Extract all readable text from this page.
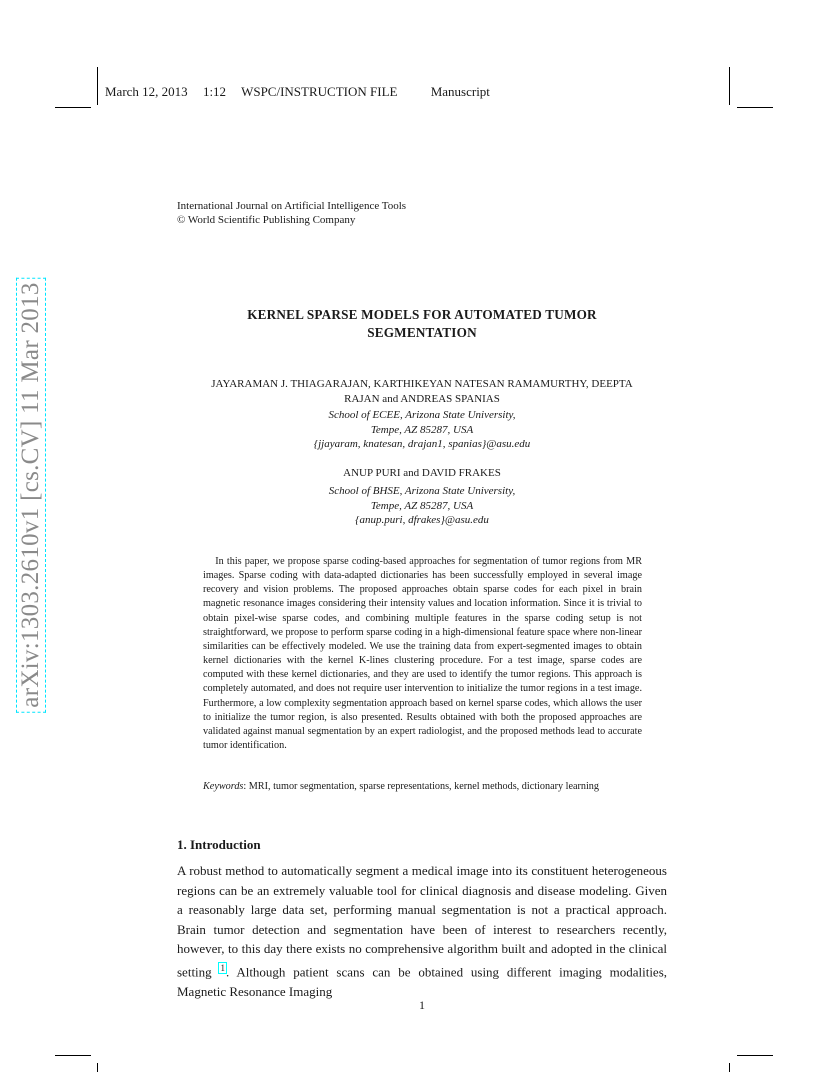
March 12, 2013 1:12 WSPC/INSTRUCTION FILE	Manuscript
arXiv:1303.2610v1 [cs.CV] 11 Mar 2013
International Journal on Artificial Intelligence Tools
© World Scientific Publishing Company
KERNEL SPARSE MODELS FOR AUTOMATED TUMOR
SEGMENTATION
JAYARAMAN J. THIAGARAJAN, KARTHIKEYAN NATESAN RAMAMURTHY, DEEPTA
RAJAN and ANDREAS SPANIAS
School of ECEE, Arizona State University,
Tempe, AZ 85287, USA
{jjayaram, knatesan, drajan1, spanias}@asu.edu
ANUP PURI and DAVID FRAKES
School of BHSE, Arizona State University,
Tempe, AZ 85287, USA
{anup.puri, dfrakes}@asu.edu
In this paper, we propose sparse coding-based approaches for segmentation of tumor regions from MR images. Sparse coding with data-adapted dictionaries has been successfully employed in several image recovery and vision problems. The proposed approaches obtain sparse codes for each pixel in brain magnetic resonance images considering their intensity values and location information. Since it is trivial to obtain pixel-wise sparse codes, and combining multiple features in the sparse coding setup is not straightforward, we propose to perform sparse coding in a high-dimensional feature space where non-linear similarities can be effectively modeled. We use the training data from expert-segmented images to obtain kernel dictionaries with the kernel K-lines clustering procedure. For a test image, sparse codes are computed with these kernel dictionaries, and they are used to identify the tumor regions. This approach is completely automated, and does not require user intervention to initialize the tumor regions in a test image. Furthermore, a low complexity segmentation approach based on kernel sparse codes, which allows the user to initialize the tumor region, is also presented. Results obtained with both the proposed approaches are validated against manual segmentation by an expert radiologist, and the proposed methods lead to accurate tumor identification.
Keywords: MRI, tumor segmentation, sparse representations, kernel methods, dictionary learning
1. Introduction
A robust method to automatically segment a medical image into its constituent heterogeneous regions can be an extremely valuable tool for clinical diagnosis and disease modeling. Given a reasonably large data set, performing manual segmentation is not a practical approach. Brain tumor detection and segmentation have been of interest to researchers recently, however, to this day there exists no comprehensive algorithm built and adopted in the clinical setting $^1$. Although patient scans can be obtained using different imaging modalities, Magnetic Resonance Imaging
1
